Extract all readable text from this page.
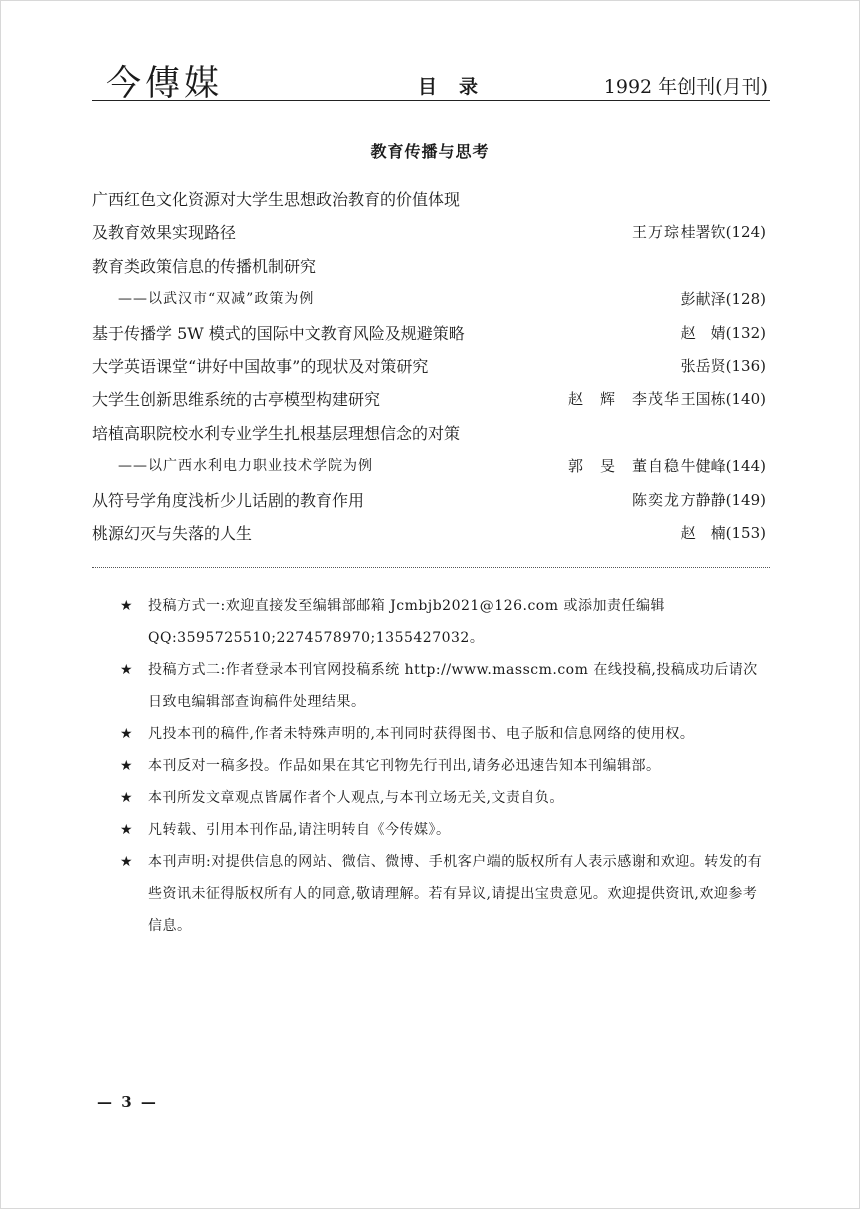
今傳媒	目录	1992 年创刊(月刊)
教育传播与思考
广西红色文化资源对大学生思想政治教育的价值体现
及教育效果实现路径	王万琮 桂署钦(124)
教育类政策信息的传播机制研究
——以武汉市“双减”政策为例	彭献泽(128)
基于传播学 5W 模式的国际中文教育风险及规避策略	赵　婧(132)
大学英语课堂“讲好中国故事”的现状及对策研究	张岳贤(136)
大学生创新思维系统的古亭模型构建研究	赵　辉　李茂华 王国栋(140)
培植高职院校水利专业学生扎根基层理想信念的对策
——以广西水利电力职业技术学院为例	郭　旻　董自稳 牛健峰(144)
从符号学角度浅析少儿话剧的教育作用	陈奕龙 方静静(149)
桃源幻灭与失落的人生	赵　楠(153)
★ 投稿方式一:欢迎直接发至编辑部邮箱 Jcmbjb2021@126.com 或添加责任编辑 QQ:3595725510;2274578970;1355427032。
★ 投稿方式二:作者登录本刊官网投稿系统 http://www.masscm.com 在线投稿,投稿成功后请次日致电编辑部查询稿件处理结果。
★ 凡投本刊的稿件,作者未特殊声明的,本刊同时获得图书、电子版和信息网络的使用权。
★ 本刊反对一稿多投。作品如果在其它刊物先行刊出,请务必迅速告知本刊编辑部。
★ 本刊所发文章观点皆属作者个人观点,与本刊立场无关,文责自负。
★ 凡转载、引用本刊作品,请注明转自《今传媒》。
★ 本刊声明:对提供信息的网站、微信、微博、手机客户端的版权所有人表示感谢和欢迎。转发的有些资讯未征得版权所有人的同意,敬请理解。若有异议,请提出宝贵意见。欢迎提供资讯,欢迎参考信息。
— 3 —
